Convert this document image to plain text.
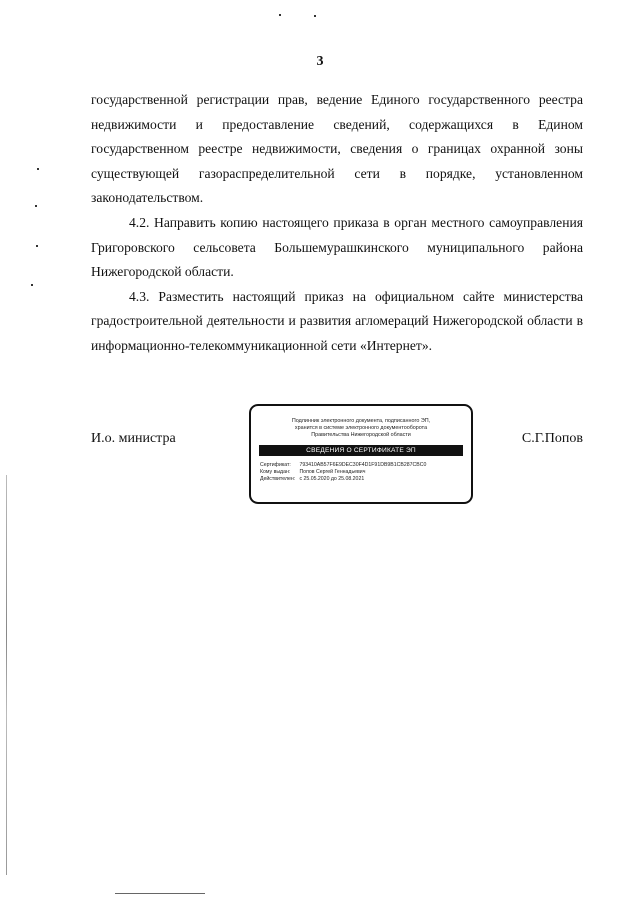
3

государственной регистрации прав, ведение Единого государственного реестра недвижимости и предоставление сведений, содержащихся в Едином государственном реестре недвижимости, сведения о границах охранной зоны существующей газораспределительной сети в порядке, установленном законодательством.

4.2. Направить копию настоящего приказа в орган местного самоуправления Григоровского сельсовета Большемурашкинского муниципального района Нижегородской области.

4.3. Разместить настоящий приказ на официальном сайте министерства градостроительной деятельности и развития агломераций Нижегородской области в информационно-телекоммуникационной сети «Интернет».

И.о. министра
Подлинник электронного документа, подписанного ЭП,
хранится в системе электронного документооборота
Правительства Нижегородской области
СВЕДЕНИЯ О СЕРТИФИКАТЕ ЭП
Сертификат: 793410AB57F6E9DEC30F4D1F91DB9B1CB287CBC0
Кому выдан: Попов Сергей Геннадьевич
Действителен: с 25.05.2020 до 25.08.2021
С.Г.Попов
